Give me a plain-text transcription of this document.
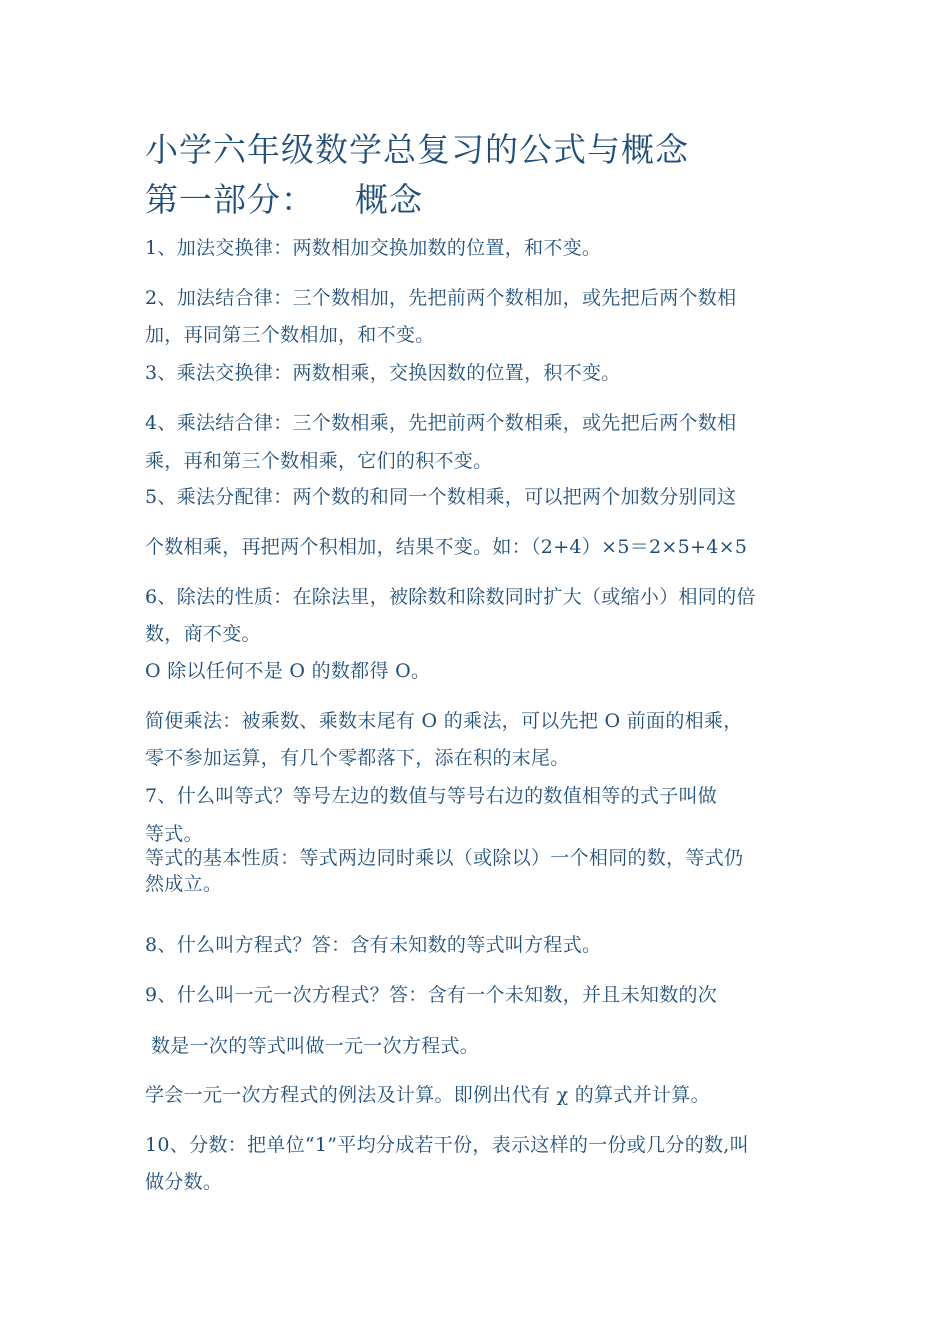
小学六年级数学总复习的公式与概念
第一部分： 概念
1、加法交换律：两数相加交换加数的位置，和不变。
2、加法结合律：三个数相加，先把前两个数相加，或先把后两个数相
加，再同第三个数相加，和不变。
3、乘法交换律：两数相乘，交换因数的位置，积不变。
4、乘法结合律：三个数相乘，先把前两个数相乘，或先把后两个数相
乘，再和第三个数相乘，它们的积不变。
5、乘法分配律：两个数的和同一个数相乘，可以把两个加数分别同这
个数相乘，再把两个积相加，结果不变。如：（2+4）×5＝2×5+4×5
6、除法的性质：在除法里，被除数和除数同时扩大（或缩小）相同的倍
数，商不变。
O 除以任何不是 O 的数都得 O。
简便乘法：被乘数、乘数末尾有 O 的乘法，可以先把 O 前面的相乘，
零不参加运算，有几个零都落下，添在积的末尾。
7、什么叫等式？等号左边的数值与等号右边的数值相等的式子叫做
等式。
等式的基本性质：等式两边同时乘以（或除以）一个相同的数，等式仍
然成立。
8、什么叫方程式？答：含有未知数的等式叫方程式。
9、什么叫一元一次方程式？答：含有一个未知数，并且未知数的次
数是一次的等式叫做一元一次方程式。
学会一元一次方程式的例法及计算。即例出代有 χ 的算式并计算。
10、分数：把单位“1”平均分成若干份，表示这样的一份或几分的数,叫
做分数。
